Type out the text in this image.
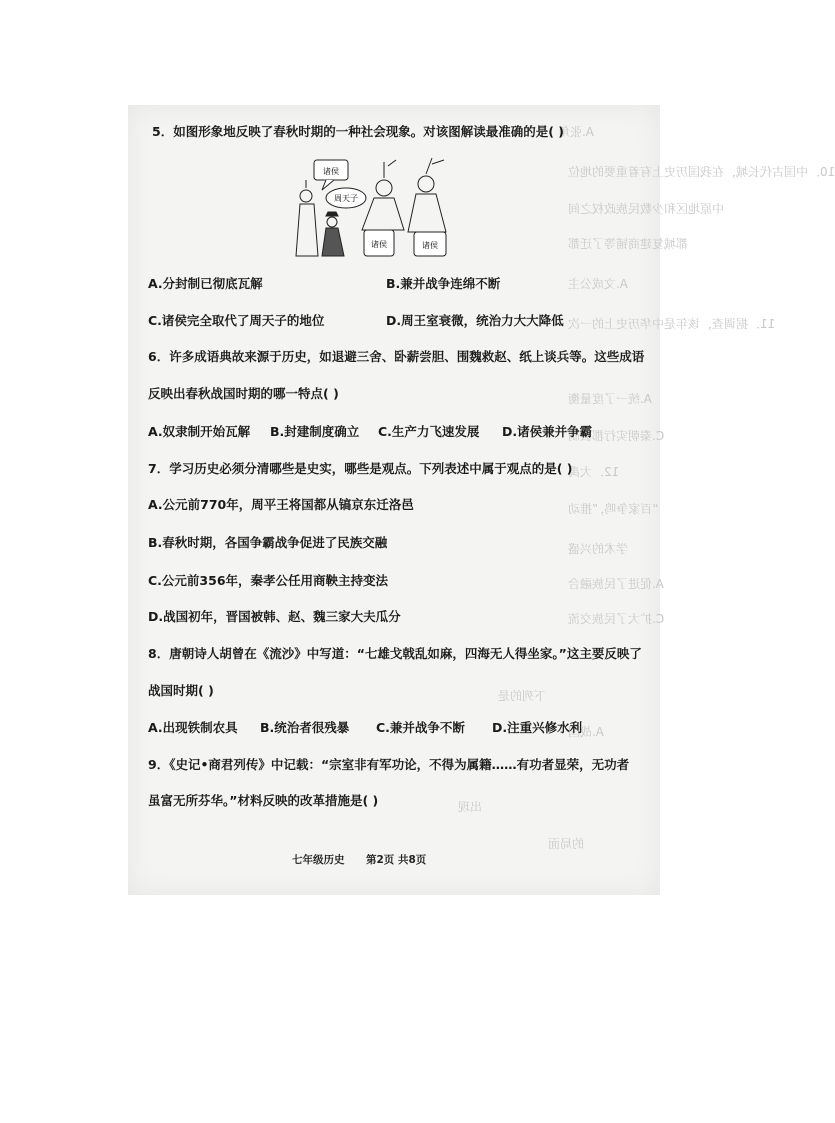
A.张角
10．中国古代长城，在我国历史上有着重要的地位
中原地区和少数民族政权之间
都城复建商铺等了迁都
A.文成公主
11．据调查，该年是中华历史上的一次
A.统一了度量衡
C.秦朝实行郡县制
12．大禹
“百家争鸣，”推动
学术的兴盛
A.促进了民族融合
C.扩大了民族交流
下列的是
A.战国
出现
的局面
5．如图形象地反映了春秋时期的一种社会现象。对该图解读最准确的是( )
诸侯
周天子
诸侯	诸侯
A.分封制已彻底瓦解	B.兼并战争连绵不断
C.诸侯完全取代了周天子的地位	D.周王室衰微，统治力大大降低
6．许多成语典故来源于历史，如退避三舍、卧薪尝胆、围魏救赵、纸上谈兵等。这些成语
反映出春秋战国时期的哪一特点( )
A.奴隶制开始瓦解 B.封建制度确立 C.生产力飞速发展 D.诸侯兼并争霸
7．学习历史必须分清哪些是史实，哪些是观点。下列表述中属于观点的是( )
A.公元前770年，周平王将国都从镐京东迁洛邑
B.春秋时期，各国争霸战争促进了民族交融
C.公元前356年，秦孝公任用商鞅主持变法
D.战国初年，晋国被韩、赵、魏三家大夫瓜分
8．唐朝诗人胡曾在《流沙》中写道：“七雄戈戟乱如麻，四海无人得坐家。”这主要反映了
战国时期( )
A.出现铁制农具 B.统治者很残暴 C.兼并战争不断 D.注重兴修水利
9．《史记•商君列传》中记载：“宗室非有军功论，不得为属籍……有功者显荣，无功者
虽富无所芬华。”材料反映的改革措施是( )
七年级历史 第2页 共8页
